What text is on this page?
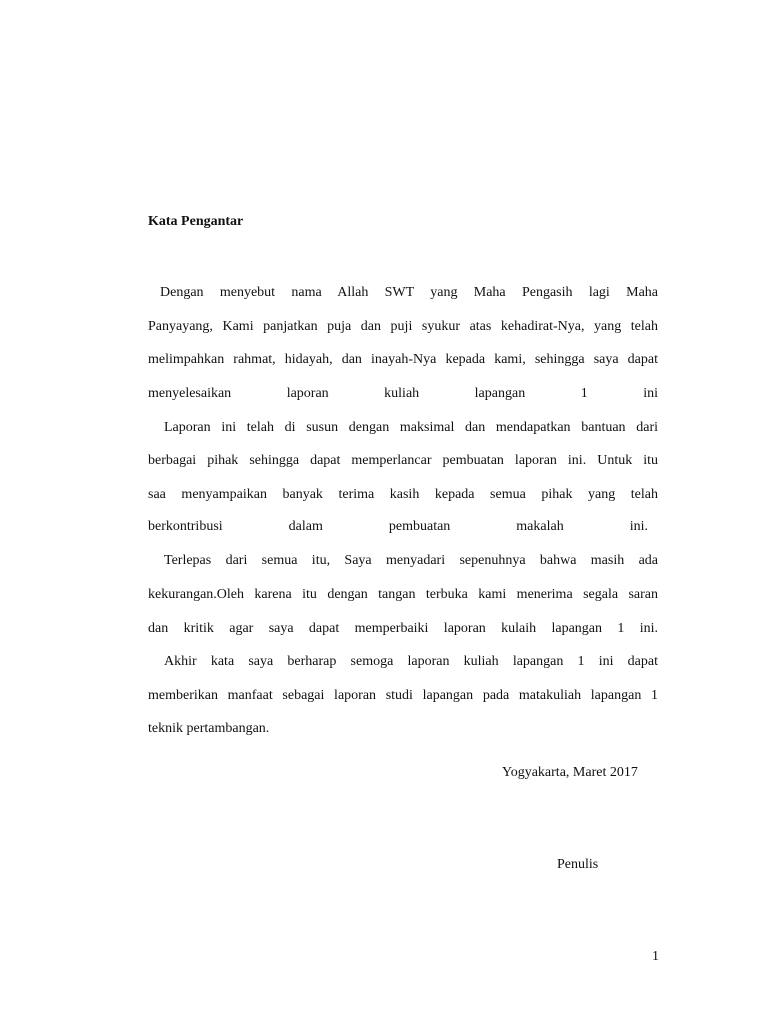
Kata Pengantar

Dengan menyebut nama Allah SWT yang Maha Pengasih lagi Maha

Panyayang, Kami panjatkan puja dan puji syukur atas kehadirat-Nya, yang telah

melimpahkan rahmat, hidayah, dan inayah-Nya kepada kami, sehingga saya dapat

menyelesaikan laporan kuliah lapangan 1 ini

Laporan ini telah di susun dengan maksimal dan mendapatkan bantuan dari

berbagai pihak sehingga dapat memperlancar pembuatan laporan ini. Untuk itu

saa menyampaikan banyak terima kasih kepada semua pihak yang telah

berkontribusi dalam pembuatan makalah ini.

Terlepas dari semua itu, Saya menyadari sepenuhnya bahwa masih ada

kekurangan.Oleh karena itu dengan tangan terbuka kami menerima segala saran

dan kritik agar saya dapat memperbaiki laporan kulaih lapangan 1 ini.

Akhir kata saya berharap semoga laporan kuliah lapangan 1 ini dapat

memberikan manfaat sebagai laporan studi lapangan pada matakuliah lapangan 1

teknik pertambangan.

Yogyakarta, Maret 2017

Penulis

1
